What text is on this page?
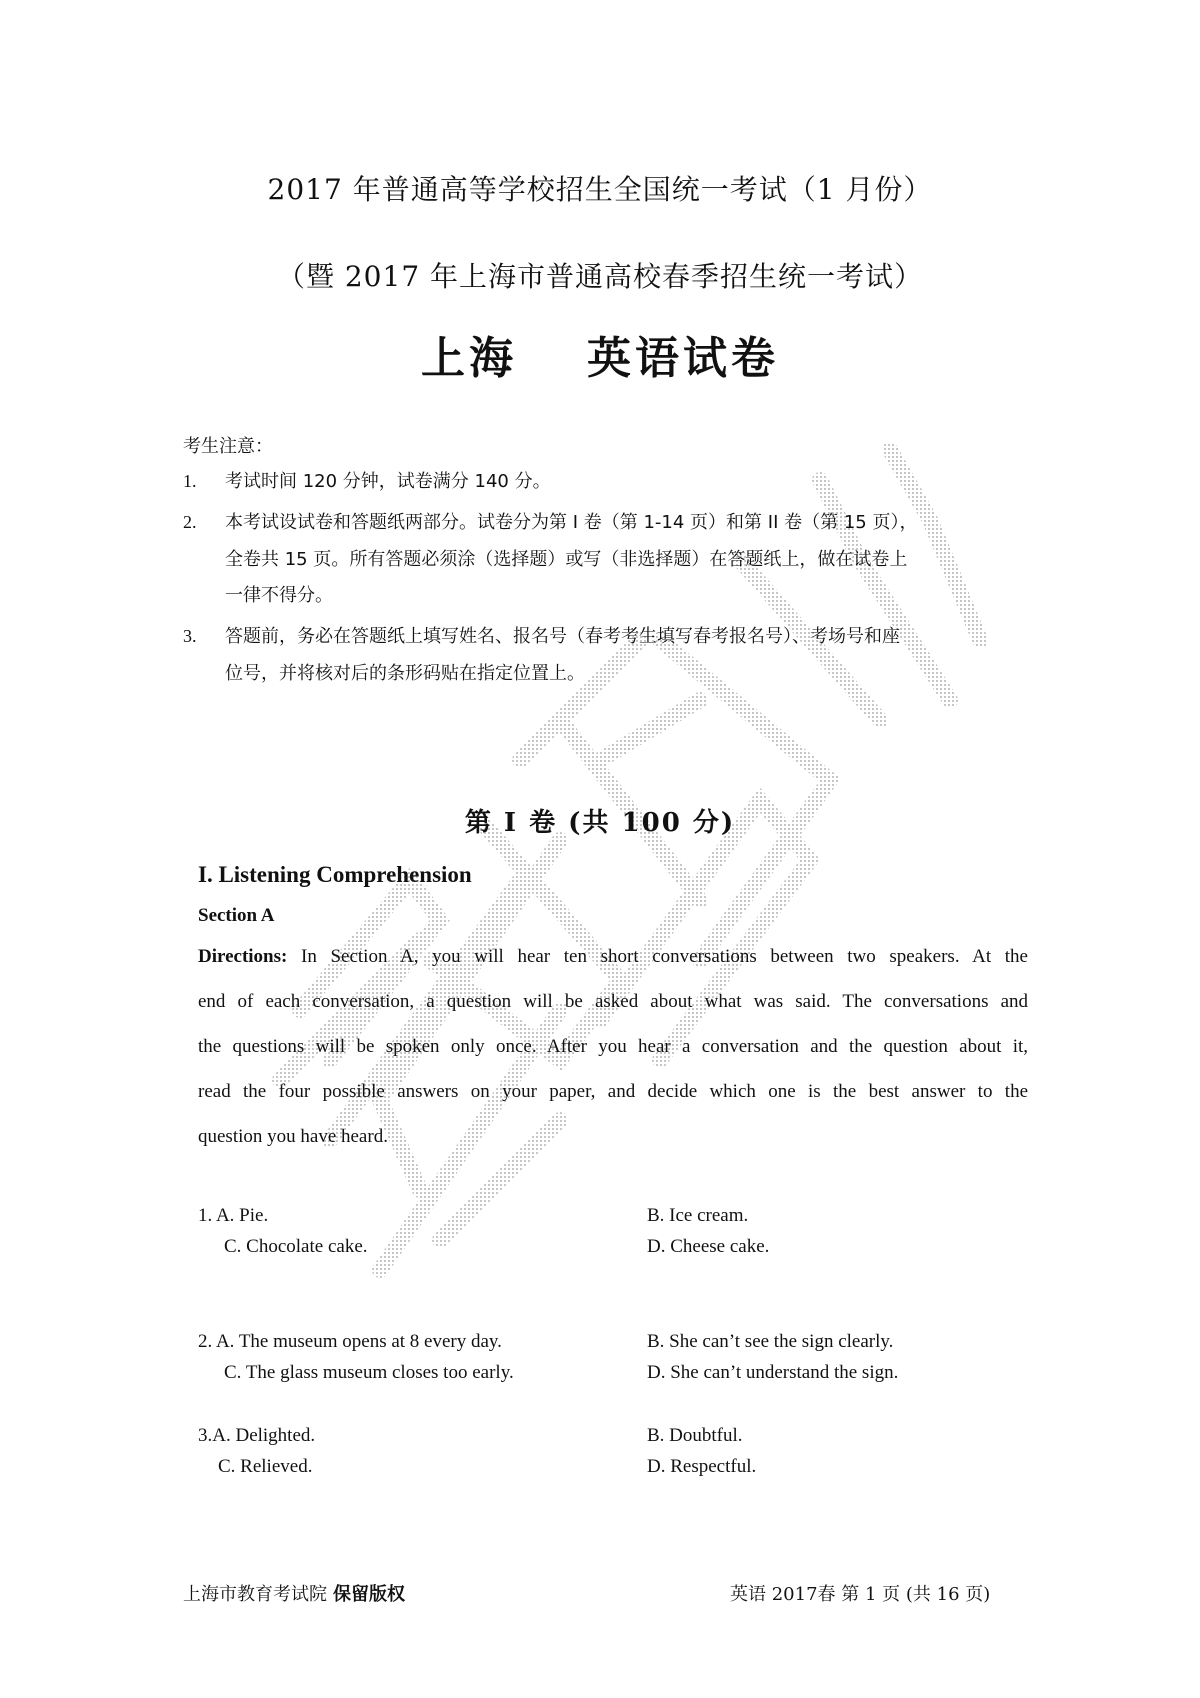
2017 年普通高等学校招生全国统一考试（1 月份）
（暨 2017 年上海市普通高校春季招生统一考试）
上海 英语试卷
考生注意：
1. 考试时间 120 分钟，试卷满分 140 分。
2. 本考试设试卷和答题纸两部分。试卷分为第 I 卷（第 1-14 页）和第 II 卷（第 15 页），
全卷共 15 页。所有答题必须涂（选择题）或写（非选择题）在答题纸上，做在试卷上
一律不得分。
3. 答题前，务必在答题纸上填写姓名、报名号（春考考生填写春考报名号）、考场号和座
位号，并将核对后的条形码贴在指定位置上。
第 I 卷 (共 100 分)
I. Listening Comprehension
Section A
Directions: In Section A, you will hear ten short conversations between two speakers. At the
end of each conversation, a question will be asked about what was said. The conversations and
the questions will be spoken only once. After you hear a conversation and the question about it,
read the four possible answers on your paper, and decide which one is the best answer to the
question you have heard.
1. A. Pie.	B. Ice cream.
C. Chocolate cake.	D. Cheese cake.
2. A. The museum opens at 8 every day.	B. She can’t see the sign clearly.
C. The glass museum closes too early.	D. She can’t understand the sign.
3.A. Delighted.	B. Doubtful.
C. Relieved.	D. Respectful.
上海市教育考试院 保留版权	英语 2017春 第 1 页 (共 16 页)
